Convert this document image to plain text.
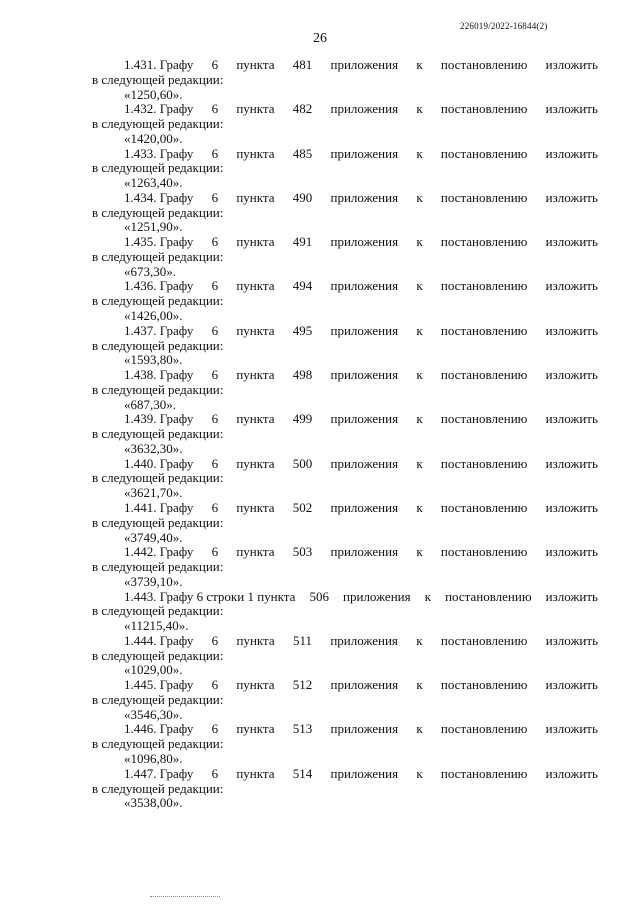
226019/2022-16844(2)
26
1.431. Графу 6 пункта 481 приложения к постановлению изложить
в следующей редакции:
«1250,60».
1.432. Графу 6 пункта 482 приложения к постановлению изложить
в следующей редакции:
«1420,00».
1.433. Графу 6 пункта 485 приложения к постановлению изложить
в следующей редакции:
«1263,40».
1.434. Графу 6 пункта 490 приложения к постановлению изложить
в следующей редакции:
«1251,90».
1.435. Графу 6 пункта 491 приложения к постановлению изложить
в следующей редакции:
«673,30».
1.436. Графу 6 пункта 494 приложения к постановлению изложить
в следующей редакции:
«1426,00».
1.437. Графу 6 пункта 495 приложения к постановлению изложить
в следующей редакции:
«1593,80».
1.438. Графу 6 пункта 498 приложения к постановлению изложить
в следующей редакции:
«687,30».
1.439. Графу 6 пункта 499 приложения к постановлению изложить
в следующей редакции:
«3632,30».
1.440. Графу 6 пункта 500 приложения к постановлению изложить
в следующей редакции:
«3621,70».
1.441. Графу 6 пункта 502 приложения к постановлению изложить
в следующей редакции:
«3749,40».
1.442. Графу 6 пункта 503 приложения к постановлению изложить
в следующей редакции:
«3739,10».
1.443. Графу 6 строки 1 пункта 506 приложения к постановлению изложить
в следующей редакции:
«11215,40».
1.444. Графу 6 пункта 511 приложения к постановлению изложить
в следующей редакции:
«1029,00».
1.445. Графу 6 пункта 512 приложения к постановлению изложить
в следующей редакции:
«3546,30».
1.446. Графу 6 пункта 513 приложения к постановлению изложить
в следующей редакции:
«1096,80».
1.447. Графу 6 пункта 514 приложения к постановлению изложить
в следующей редакции:
«3538,00».
